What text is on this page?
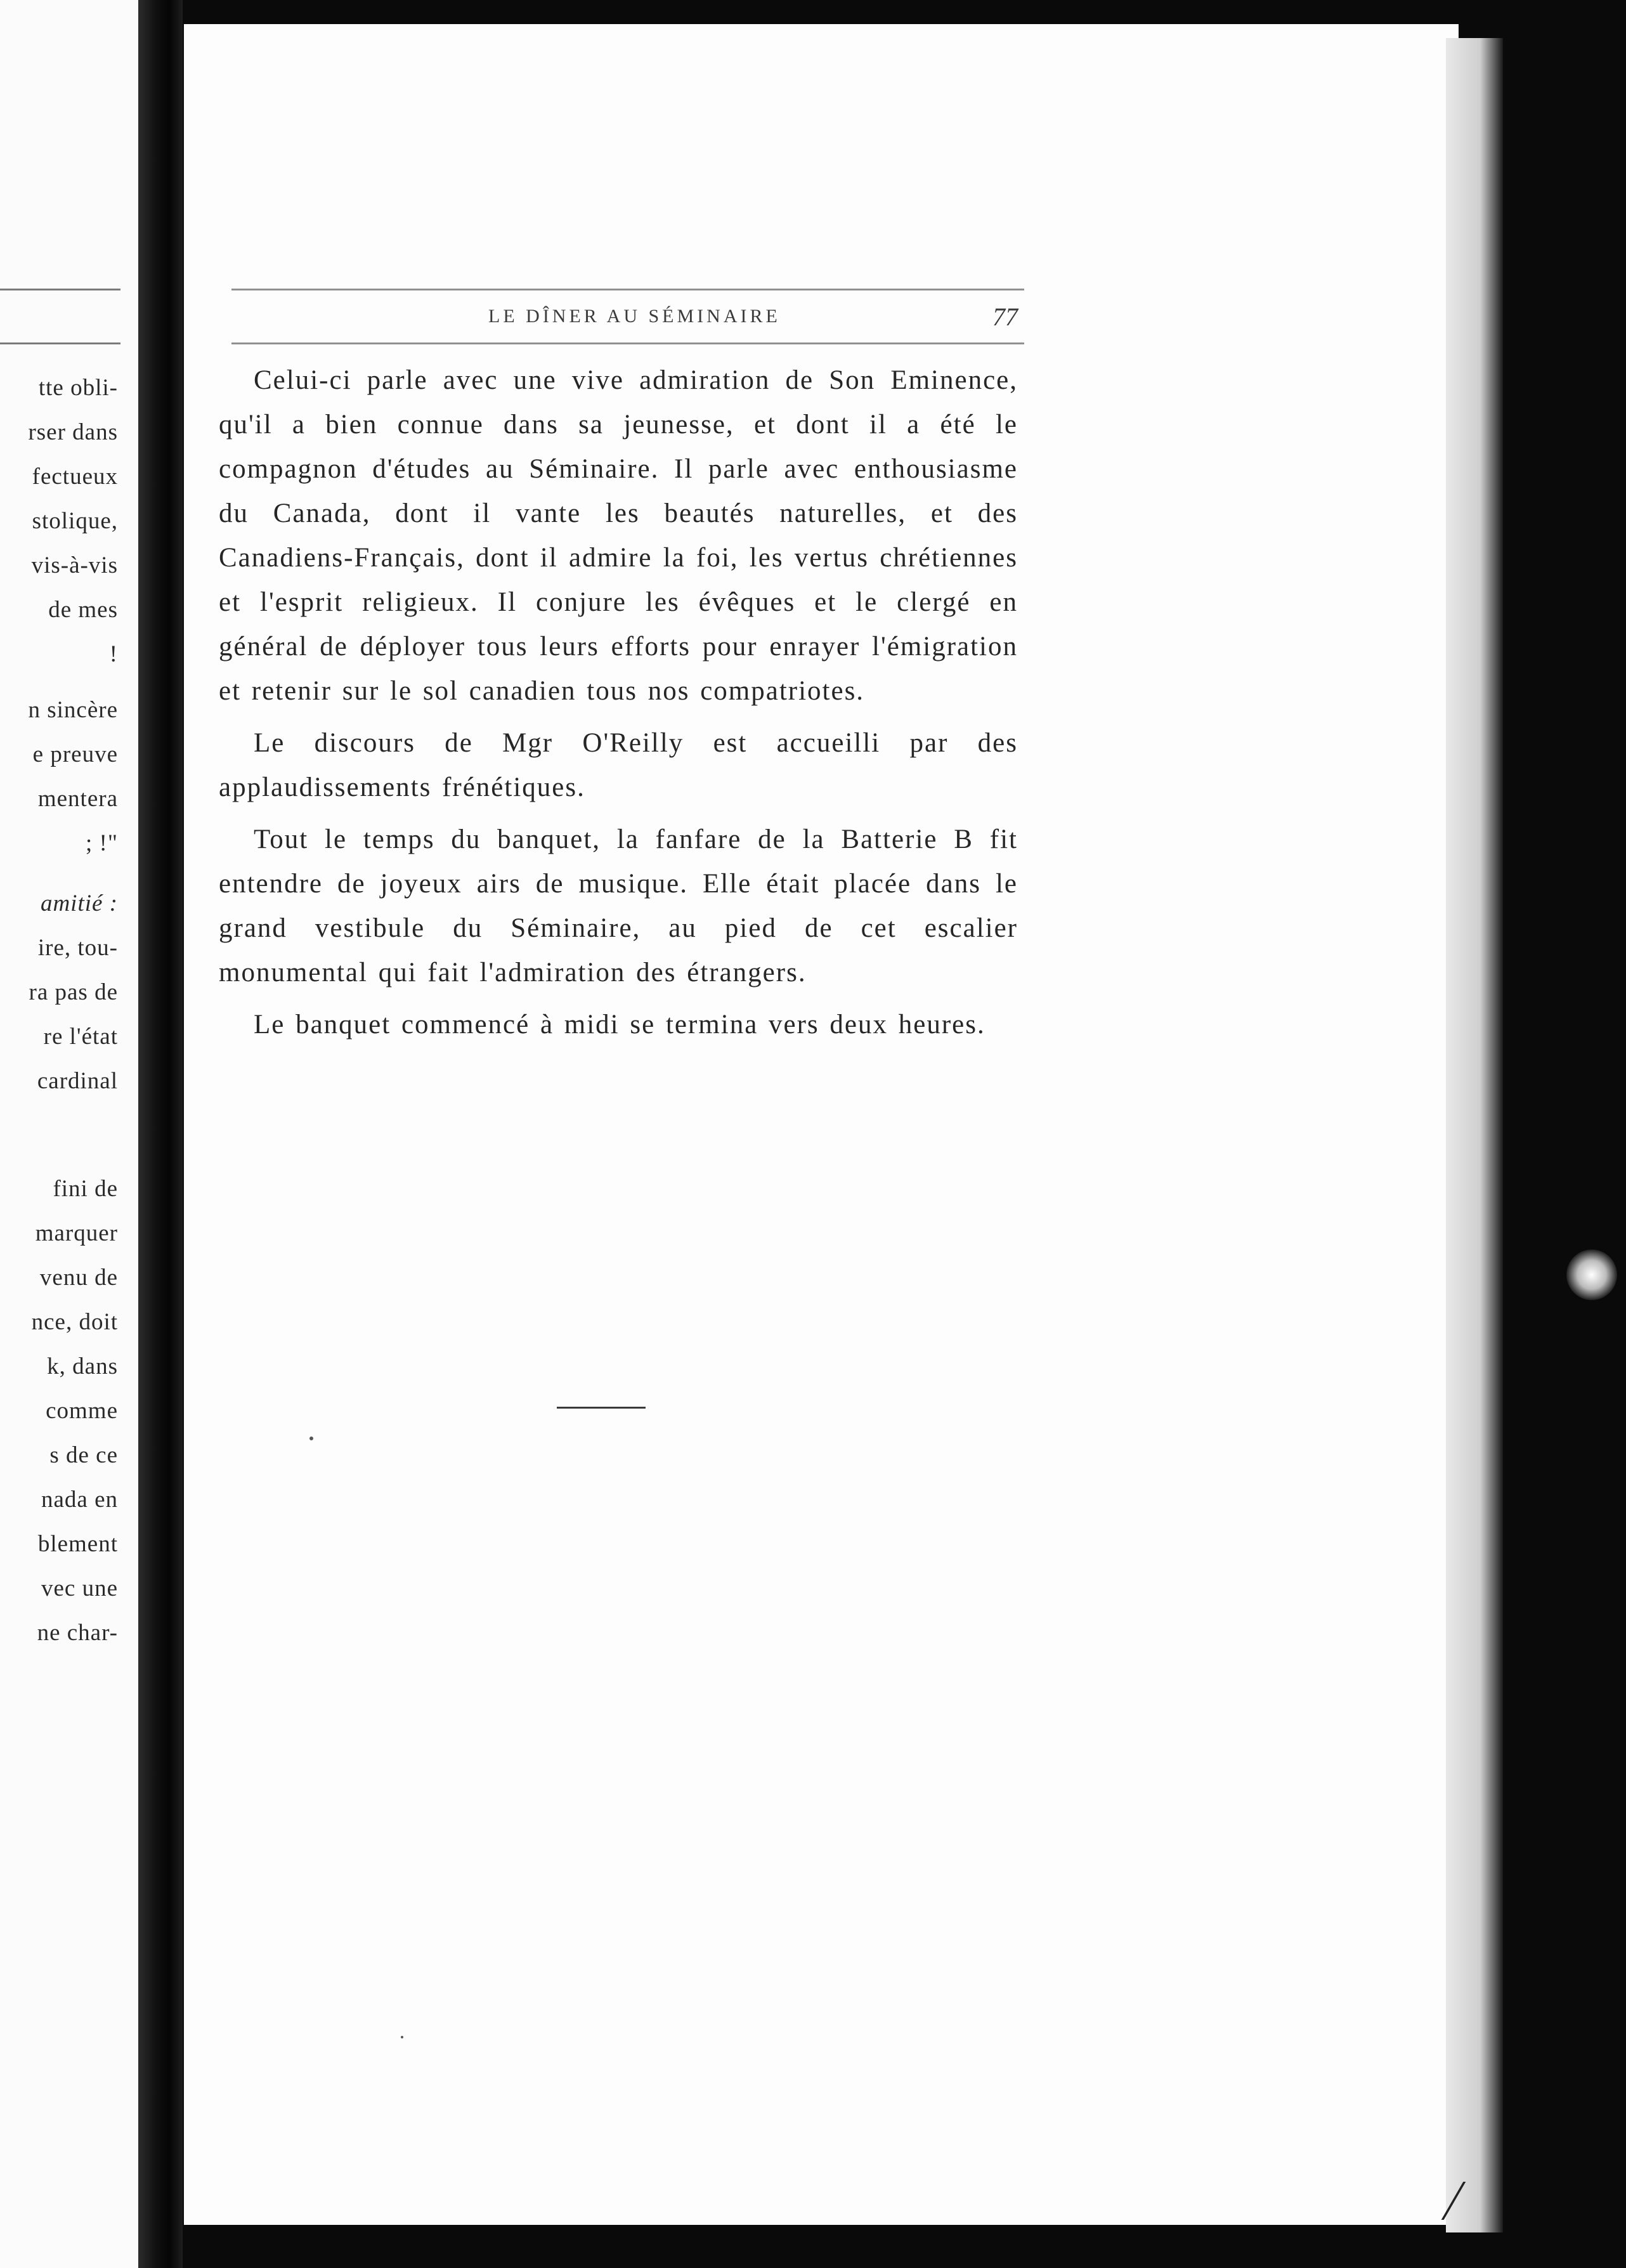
tte obli-
rser dans
fectueux
stolique,
vis-à-vis
de mes
!
n sincère
e preuve
mentera
; !"
amitié :
ire, tou-
ra pas de
re l'état
cardinal
fini de
marquer
venu de
nce, doit
k, dans
comme
s de ce
nada en
blement
vec une
ne char-
LE DÎNER AU SÉMINAIRE	77

Celui-ci parle avec une vive admiration de Son Eminence, qu'il a bien connue dans sa jeunesse, et dont il a été le compagnon d'études au Séminaire. Il parle avec enthousiasme du Canada, dont il vante les beautés naturelles, et des Canadiens-Français, dont il admire la foi, les vertus chrétiennes et l'esprit religieux. Il conjure les évêques et le clergé en général de déployer tous leurs efforts pour enrayer l'émigration et retenir sur le sol canadien tous nos compatriotes.

Le discours de Mgr O'Reilly est accueilli par des applaudissements frénétiques.

Tout le temps du banquet, la fanfare de la Batterie B fit entendre de joyeux airs de musique. Elle était placée dans le grand vestibule du Séminaire, au pied de cet escalier monumental qui fait l'admiration des étrangers.

Le banquet commencé à midi se termina vers deux heures.
